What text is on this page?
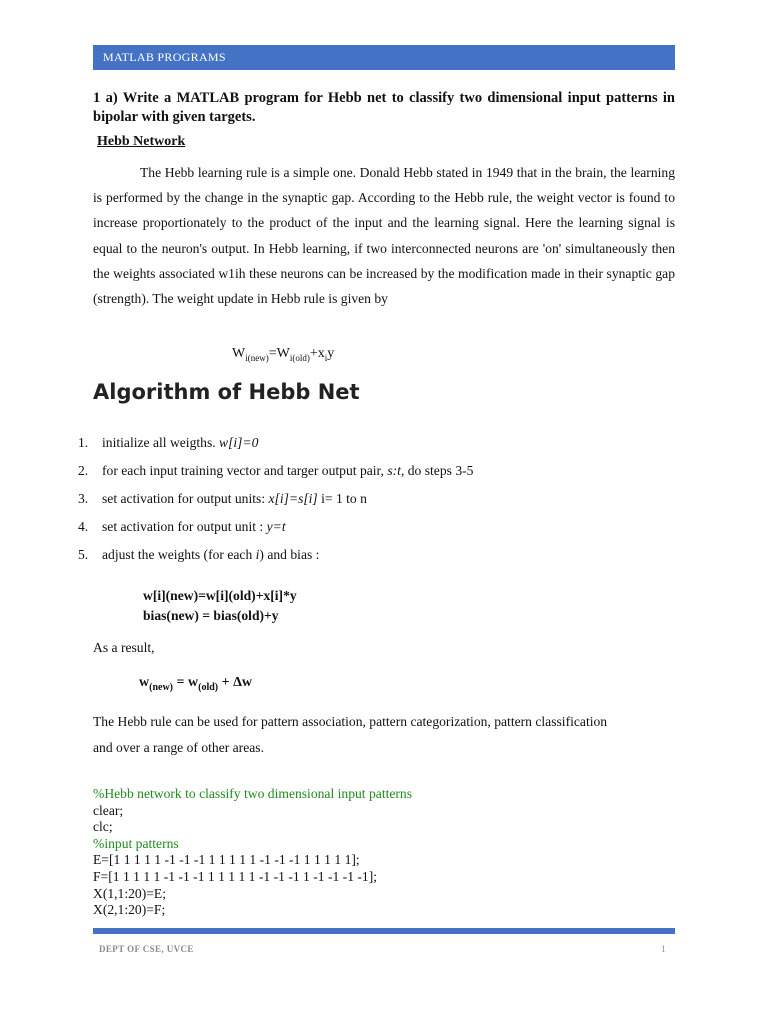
MATLAB PROGRAMS
1 a) Write a MATLAB program for Hebb net to classify two dimensional input patterns in bipolar with given targets.
Hebb Network
The Hebb learning rule is a simple one. Donald Hebb stated in 1949 that in the brain, the learning is performed by the change in the synaptic gap. According to the Hebb rule, the weight vector is found to increase proportionately to the product of the input and the learning signal. Here the learning signal is equal to the neuron's output. In Hebb learning, if two interconnected neurons are 'on' simultaneously then the weights associated w1ih these neurons can be increased by the modification made in their synaptic gap (strength). The weight update in Hebb rule is given by
$W_{i(new)}=W_{i(old)}+x_iy$
Algorithm of Hebb Net
1. initialize all weigths. w[i]=0
2. for each input training vector and targer output pair, s:t, do steps 3-5
3. set activation for output units: x[i]=s[i] i= 1 to n
4. set activation for output unit : y=t
5. adjust the weights (for each i) and bias :
w[i](new)=w[i](old)+x[i]*y
bias(new) = bias(old)+y
As a result,
$w_{(new)} = w_{(old)} + \Delta w$
The Hebb rule can be used for pattern association, pattern categorization, pattern classification and over a range of other areas.
%Hebb network to classify two dimensional input patterns
clear;
clc;
%input patterns
E=[1 1 1 1 1 -1 -1 -1 1 1 1 1 1 -1 -1 -1 1 1 1 1 1];
F=[1 1 1 1 1 -1 -1 -1 1 1 1 1 1 -1 -1 -1 1 -1 -1 -1 -1];
X(1,1:20)=E;
X(2,1:20)=F;
DEPT OF CSE, UVCE	1
